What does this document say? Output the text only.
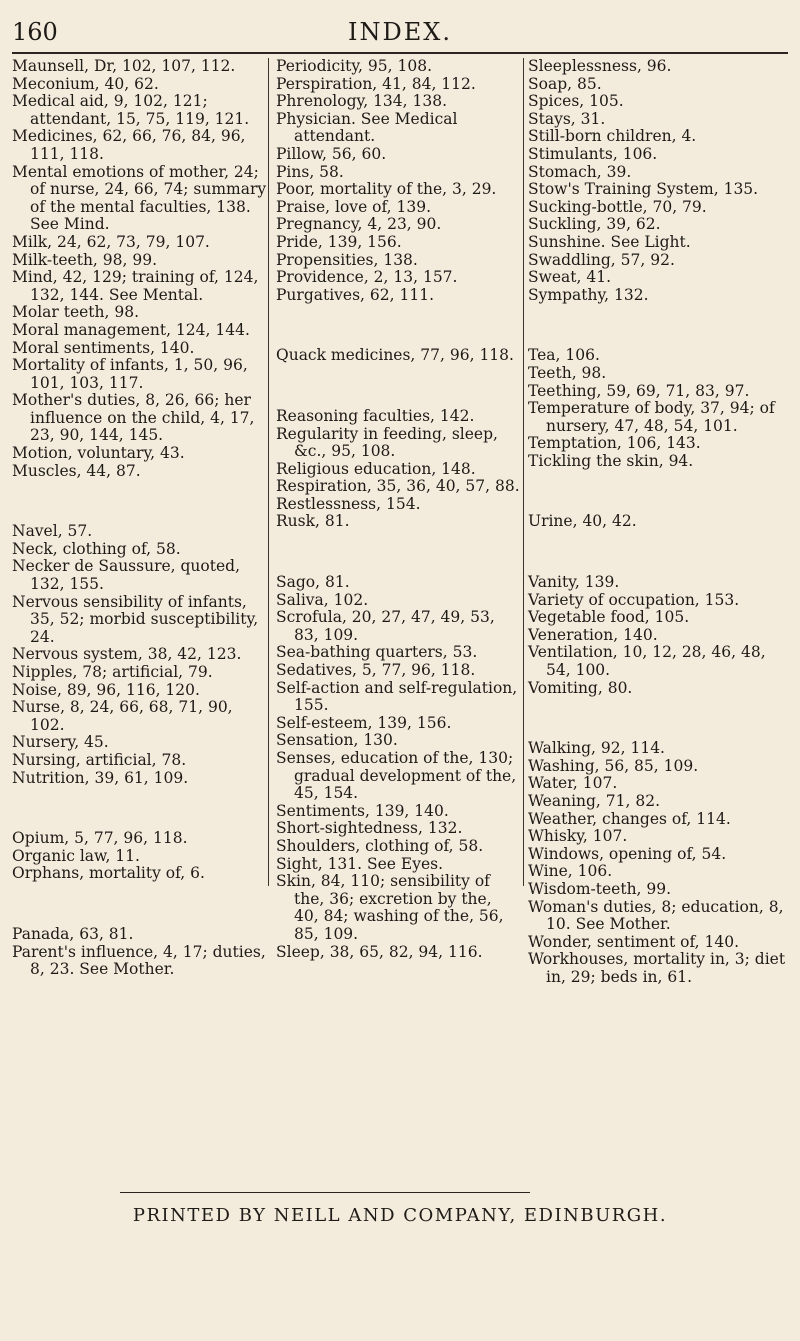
160	INDEX.

Maunsell, Dr, 102, 107, 112.

Meconium, 40, 62.

Medical aid, 9, 102, 121; attendant, 15, 75, 119, 121.

Medicines, 62, 66, 76, 84, 96, 111, 118.

Mental emotions of mother, 24; of nurse, 24, 66, 74; summary of the mental faculties, 138. See Mind.

Milk, 24, 62, 73, 79, 107.

Milk-teeth, 98, 99.

Mind, 42, 129; training of, 124, 132, 144. See Mental.

Molar teeth, 98.

Moral management, 124, 144.

Moral sentiments, 140.

Mortality of infants, 1, 50, 96, 101, 103, 117.

Mother's duties, 8, 26, 66; her influence on the child, 4, 17, 23, 90, 144, 145.

Motion, voluntary, 43.

Muscles, 44, 87.

Navel, 57.

Neck, clothing of, 58.

Necker de Saussure, quoted, 132, 155.

Nervous sensibility of infants, 35, 52; morbid susceptibility, 24.

Nervous system, 38, 42, 123.

Nipples, 78; artificial, 79.

Noise, 89, 96, 116, 120.

Nurse, 8, 24, 66, 68, 71, 90, 102.

Nursery, 45.

Nursing, artificial, 78.

Nutrition, 39, 61, 109.

Opium, 5, 77, 96, 118.

Organic law, 11.

Orphans, mortality of, 6.

Panada, 63, 81.

Parent's influence, 4, 17; duties, 8, 23. See Mother.

Periodicity, 95, 108.

Perspiration, 41, 84, 112.

Phrenology, 134, 138.

Physician. See Medical attendant.

Pillow, 56, 60.

Pins, 58.

Poor, mortality of the, 3, 29.

Praise, love of, 139.

Pregnancy, 4, 23, 90.

Pride, 139, 156.

Propensities, 138.

Providence, 2, 13, 157.

Purgatives, 62, 111.

Quack medicines, 77, 96, 118.

Reasoning faculties, 142.

Regularity in feeding, sleep, &c., 95, 108.

Religious education, 148.

Respiration, 35, 36, 40, 57, 88.

Restlessness, 154.

Rusk, 81.

Sago, 81.

Saliva, 102.

Scrofula, 20, 27, 47, 49, 53, 83, 109.

Sea-bathing quarters, 53.

Sedatives, 5, 77, 96, 118.

Self-action and self-regulation, 155.

Self-esteem, 139, 156.

Sensation, 130.

Senses, education of the, 130; gradual development of the, 45, 154.

Sentiments, 139, 140.

Short-sightedness, 132.

Shoulders, clothing of, 58.

Sight, 131. See Eyes.

Skin, 84, 110; sensibility of the, 36; excretion by the, 40, 84; washing of the, 56, 85, 109.

Sleep, 38, 65, 82, 94, 116.

Sleeplessness, 96.

Soap, 85.

Spices, 105.

Stays, 31.

Still-born children, 4.

Stimulants, 106.

Stomach, 39.

Stow's Training System, 135.

Sucking-bottle, 70, 79.

Suckling, 39, 62.

Sunshine. See Light.

Swaddling, 57, 92.

Sweat, 41.

Sympathy, 132.

Tea, 106.

Teeth, 98.

Teething, 59, 69, 71, 83, 97.

Temperature of body, 37, 94; of nursery, 47, 48, 54, 101.

Temptation, 106, 143.

Tickling the skin, 94.

Urine, 40, 42.

Vanity, 139.

Variety of occupation, 153.

Vegetable food, 105.

Veneration, 140.

Ventilation, 10, 12, 28, 46, 48, 54, 100.

Vomiting, 80.

Walking, 92, 114.

Washing, 56, 85, 109.

Water, 107.

Weaning, 71, 82.

Weather, changes of, 114.

Whisky, 107.

Windows, opening of, 54.

Wine, 106.

Wisdom-teeth, 99.

Woman's duties, 8; education, 8, 10. See Mother.

Wonder, sentiment of, 140.

Workhouses, mortality in, 3; diet in, 29; beds in, 61.

PRINTED BY NEILL AND COMPANY, EDINBURGH.
